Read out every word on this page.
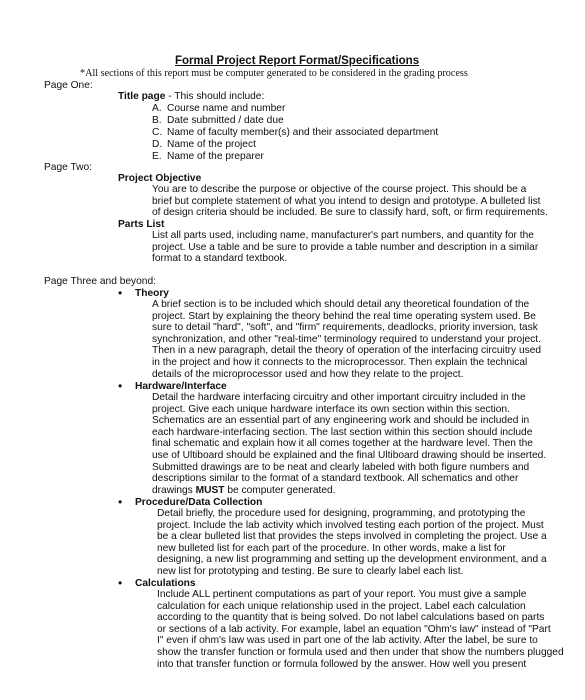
Formal Project Report Format/Specifications
*All sections of this report must be computer generated to be considered in the grading process
Page One:
Title page - This should include:
A. Course name and number
B. Date submitted / date due
C. Name of faculty member(s) and their associated department
D. Name of the project
E. Name of the preparer
Page Two:
Project Objective
You are to describe the purpose or objective of the course project. This should be a
brief but complete statement of what you intend to design and prototype. A bulleted list
of design criteria should be included. Be sure to classify hard, soft, or firm requirements.
Parts List
List all parts used, including name, manufacturer's part numbers, and quantity for the
project. Use a table and be sure to provide a table number and description in a similar
format to a standard textbook.
Page Three and beyond:
• Theory
A brief section is to be included which should detail any theoretical foundation of the
project. Start by explaining the theory behind the real time operating system used. Be
sure to detail "hard", "soft", and "firm" requirements, deadlocks, priority inversion, task
synchronization, and other "real-time" terminology required to understand your project.
Then in a new paragraph, detail the theory of operation of the interfacing circuitry used
in the project and how it connects to the microprocessor. Then explain the technical
details of the microprocessor used and how they relate to the project.
• Hardware/Interface
Detail the hardware interfacing circuitry and other important circuitry included in the
project. Give each unique hardware interface its own section within this section.
Schematics are an essential part of any engineering work and should be included in
each hardware-interfacing section. The last section within this section should include
final schematic and explain how it all comes together at the hardware level. Then the
use of Ultiboard should be explained and the final Ultiboard drawing should be inserted.
Submitted drawings are to be neat and clearly labeled with both figure numbers and
descriptions similar to the format of a standard textbook. All schematics and other
drawings MUST be computer generated.
• Procedure/Data Collection
Detail briefly, the procedure used for designing, programming, and prototyping the
project. Include the lab activity which involved testing each portion of the project. Must
be a clear bulleted list that provides the steps involved in completing the project. Use a
new bulleted list for each part of the procedure. In other words, make a list for
designing, a new list programming and setting up the development environment, and a
new list for prototyping and testing. Be sure to clearly label each list.
• Calculations
Include ALL pertinent computations as part of your report. You must give a sample
calculation for each unique relationship used in the project. Label each calculation
according to the quantity that is being solved. Do not label calculations based on parts
or sections of a lab activity. For example, label an equation "Ohm's law" instead of "Part
I" even if ohm's law was used in part one of the lab activity. After the label, be sure to
show the transfer function or formula used and then under that show the numbers plugged
into that transfer function or formula followed by the answer. How well you present
